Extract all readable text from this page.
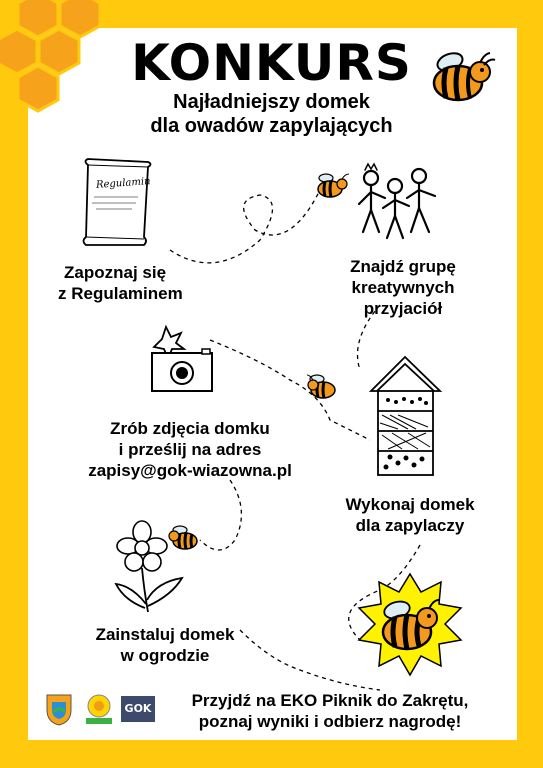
KONKURS
Najładniejszy domek
dla owadów zapylających
Regulamin
Zapoznaj się
z Regulaminem
Znajdź grupę
kreatywnych
przyjaciół
Zrób zdjęcia domku
i prześlij na adres
zapisy@gok-wiazowna.pl
Wykonaj domek
dla zapylaczy
Zainstaluj domek
w ogrodzie
GOK	Przyjdź na EKO Piknik do Zakrętu,
poznaj wyniki i odbierz nagrodę!
